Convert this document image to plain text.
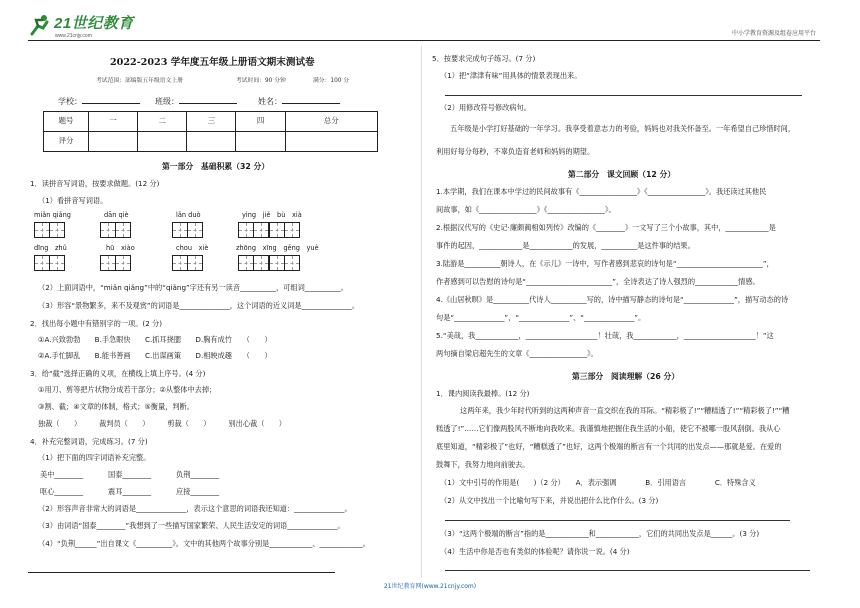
21世纪教育
www.21cnjy.com	中小学教育资源及组卷应用平台
2022-2023 学年度五年级上册语文期末测试卷
考试范围：部编版五年级语文上册	考试时间：90 分钟	满分：100 分
学校：	班级：	姓名：
题号	一	二	三	四	总分
评分					
第一部分　基础积累（32 分）
1．读拼音写词语，按要求做题。(12 分)
（1）看拼音写词语。
miǎn qiǎng	dān qiè	lǎn duò	yìng　jiě　bù　xià
dīng　zhǔ	hū　xiào	chou　xiè	zhōng　xīng　gěng　yuè
（2）上面词语中，“miǎn qiǎng”中的“qiǎng”字还有另一读音__________，可组词__________。
（3）形容“景物繁多，来不及观赏”的词语是______________，这个词语的近义词是______________。
2．找出每小题中有错别字的一项。(2 分)
①A.兴致勃勃　　B.手急眼快　　C.抓耳挠腮　　D.胸有成竹　　（　　）
②A.手忙脚乱　　B.能书善画　　C.出谋画策　　D.相映成趣　　（　　）
3．给“截”选择正确的义项，在横线上填上序号。(4 分)
①用刀、剪等把片状物分成若干部分；②从整体中去掉；
③割、截；④文章的体制，格式；⑤衡量，判断。
独裁（　　）　　　裁判员（　　）　　　剪裁（　　）　　　别出心裁（　　）
4．补充完整词语，完成练习。(7 分)
（1）把下面的四字词语补充完整。
美中________	国泰________	负荆________
呕心________	震耳________	应接________
（2）形容声音非常大的词语是______________，表示这个意思的词语我还知道：______________。
（3）由词语“国泰________”我想到了一些描写国家繁荣、人民生活安定的词语______________。
（4）“负荆______”出自课文《__________》。文中的其他两个故事分别是____________、____________。
5．按要求完成句子练习。(7 分)
（1）把“津津有味”用具体的情景表现出来。
（2）用修改符号修改病句。
五年级是小学打好基础的一年学习。我享受着意志力的考验，妈妈也对我关怀备至。一年希望自己珍惜时间，
利用好每分每秒，不辜负造育老师和妈妈的期望。
第二部分　课文回顾（12 分）
1.本学期，我们在课本中学过的民间故事有《________________》《________________》。我还读过其他民
间故事，如《________________》《________________》。
2.根据汉代写的《史记·廉颇蔺相如列传》改编的《________》一文写了三个小故事，其中，____________是
事件的起因，____________是____________的发展，__________是这件事的结果。
3.陆游是__________朝诗人，在《示儿》一诗中，写作者感到悲哀的诗句是“________________________”，
作者感到可以告慰的诗句是“________________________”，全诗表达了诗人强烈的____________情感。
4.《山居秋暝》是__________代诗人__________写的，诗中描写静态的诗句是“______________”，描写动态的诗
句是“______________”，“______________”、“______________”。
5.“美哉，我____________，____________________！壮哉，我____________，____________________！”这
两句摘自梁启超先生的文章《________________》。
第三部分　阅读理解（26 分）
1．课内阅读我最棒。(12 分)
这两年来，我少年时代听到的这两种声音一直交织在我的耳际。“精彩极了!”“糟糕透了!”“精彩极了!”“糟
糕透了!”……它们像两股风不断地向我吹来。我谨慎地把握住我生活的小船，使它不被哪一股风刮倒。我从心
底里知道，“精彩极了”也好，“糟糕透了”也好，这两个极端的断言有一个共同的出发点——那就是爱。在爱的
鼓舞下，我努力地向前驶去。
（1）文中引号的作用是(　　)（2 分）　　A．表示强调　　　　B．引用语言　　　　C．特殊含义
（2）从文中找出一个比喻句写下来，并说出把什么比作什么。(3 分)
（3）“这两个极端的断言”指的是____________和____________，它们的共同出发点是______。(3 分)
（4）生活中你是否也有类似的体验呢？请你说一说。(4 分)
21世纪教育网(www.21cnjy.com)
